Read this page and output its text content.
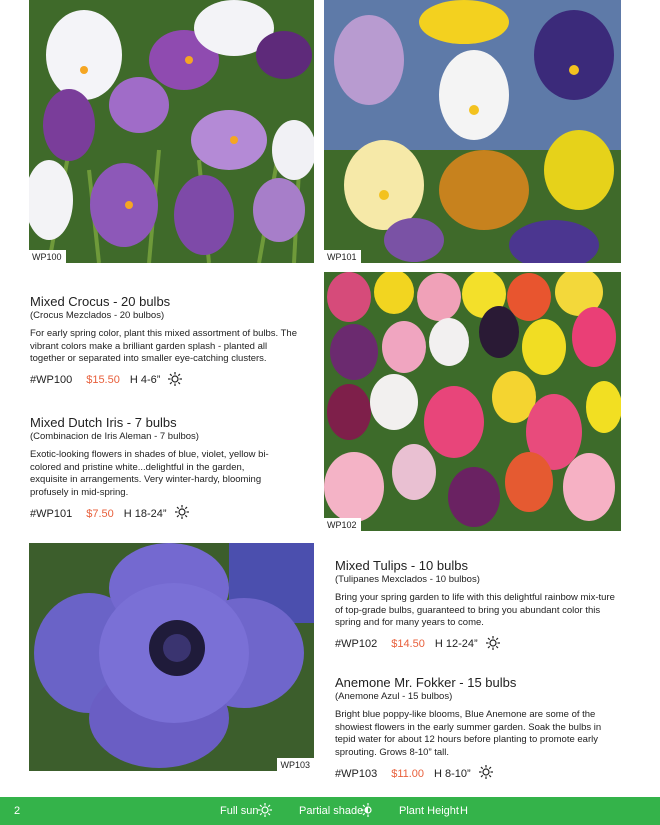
WP100	WP101
WP102
WP103
Mixed Crocus - 20 bulbs
(Crocus Mezclados - 20 bulbos)

For early spring color, plant this mixed assortment of bulbs. The vibrant colors make a brilliant garden splash - planted all together or separated into smaller eye-catching clusters.

#WP100 $15.50 H 4-6”
Mixed Dutch Iris - 7 bulbs
(Combinacion de Iris Aleman - 7 bulbos)

Exotic-looking flowers in shades of blue, violet, yellow bi-colored and pristine white...delightful in the garden, exquisite in arrangements. Very winter-hardy, blooming profusely in mid-spring.

#WP101 $7.50 H 18-24”
Mixed Tulips - 10 bulbs
(Tulipanes Mexclados - 10 bulbos)

Bring your spring garden to life with this delightful rainbow mix-ture of top-grade bulbs, guaranteed to bring you abundant color this spring and for many years to come.

#WP102 $14.50 H 12-24”
Anemone Mr. Fokker - 15 bulbs
(Anemone Azul - 15 bulbos)

Bright blue poppy-like blooms, Blue Anemone are some of the showiest flowers in the early summer garden. Soak the bulbs in tepid water for about 12 hours before planting to promote early sprouting. Grows 8-10” tall.

#WP103 $11.00 H 8-10”
2	Full sun	Partial shade	Plant Height H
